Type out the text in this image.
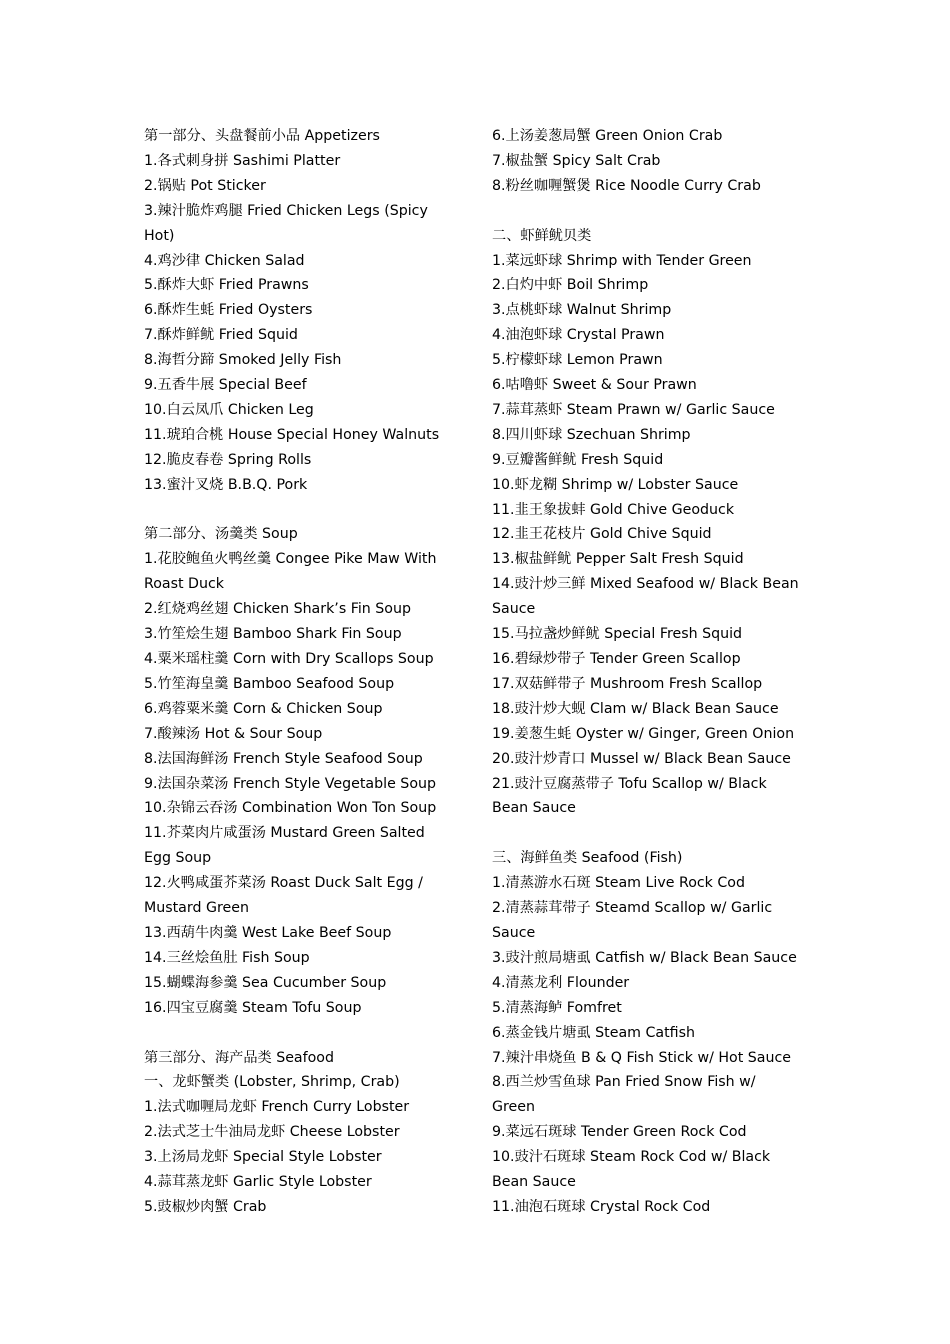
第一部分、头盘餐前小品 Appetizers

1.各式刺身拼 Sashimi Platter

2.锅贴 Pot Sticker

3.辣汁脆炸鸡腿 Fried Chicken Legs (Spicy

Hot)

4.鸡沙律 Chicken Salad

5.酥炸大虾 Fried Prawns

6.酥炸生蚝 Fried Oysters

7.酥炸鲜鱿 Fried Squid

8.海哲分蹄 Smoked Jelly Fish

9.五香牛展 Special Beef

10.白云凤爪 Chicken Leg

11.琥珀合桃 House Special Honey Walnuts

12.脆皮春卷 Spring Rolls

13.蜜汁叉烧 B.B.Q. Pork

第二部分、汤羹类 Soup

1.花胶鲍鱼火鸭丝羹 Congee Pike Maw With

Roast Duck

2.红烧鸡丝翅 Chicken Shark’s Fin Soup

3.竹笙烩生翅 Bamboo Shark Fin Soup

4.粟米瑶柱羹 Corn with Dry Scallops Soup

5.竹笙海皇羹 Bamboo Seafood Soup

6.鸡蓉粟米羹 Corn & Chicken Soup

7.酸辣汤 Hot & Sour Soup

8.法国海鲜汤 French Style Seafood Soup

9.法国杂菜汤 French Style Vegetable Soup

10.杂锦云吞汤 Combination Won Ton Soup

11.芥菜肉片咸蛋汤 Mustard Green Salted

Egg Soup

12.火鸭咸蛋芥菜汤 Roast Duck Salt Egg /

Mustard Green

13.西葫牛肉羹 West Lake Beef Soup

14.三丝烩鱼肚 Fish Soup

15.蝴蝶海参羹 Sea Cucumber Soup

16.四宝豆腐羹 Steam Tofu Soup

第三部分、海产品类 Seafood

一、龙虾蟹类 (Lobster, Shrimp, Crab)

1.法式咖喱局龙虾 French Curry Lobster

2.法式芝士牛油局龙虾 Cheese Lobster

3.上汤局龙虾 Special Style Lobster

4.蒜茸蒸龙虾 Garlic Style Lobster

5.豉椒炒肉蟹 Crab

6.上汤姜葱局蟹 Green Onion Crab

7.椒盐蟹 Spicy Salt Crab

8.粉丝咖喱蟹煲 Rice Noodle Curry Crab

二、虾鲜鱿贝类

1.菜远虾球 Shrimp with Tender Green

2.白灼中虾 Boil Shrimp

3.点桃虾球 Walnut Shrimp

4.油泡虾球 Crystal Prawn

5.柠檬虾球 Lemon Prawn

6.咕噜虾 Sweet & Sour Prawn

7.蒜茸蒸虾 Steam Prawn w/ Garlic Sauce

8.四川虾球 Szechuan Shrimp

9.豆瓣酱鲜鱿 Fresh Squid

10.虾龙糊 Shrimp w/ Lobster Sauce

11.韭王象拔蚌 Gold Chive Geoduck

12.韭王花枝片 Gold Chive Squid

13.椒盐鲜鱿 Pepper Salt Fresh Squid

14.豉汁炒三鲜 Mixed Seafood w/ Black Bean

Sauce

15.马拉盏炒鲜鱿 Special Fresh Squid

16.碧绿炒带子 Tender Green Scallop

17.双菇鲜带子 Mushroom Fresh Scallop

18.豉汁炒大蚬 Clam w/ Black Bean Sauce

19.姜葱生蚝 Oyster w/ Ginger, Green Onion

20.豉汁炒青口 Mussel w/ Black Bean Sauce

21.豉汁豆腐蒸带子 Tofu Scallop w/ Black

Bean Sauce

三、海鲜鱼类 Seafood (Fish)

1.清蒸游水石斑 Steam Live Rock Cod

2.清蒸蒜茸带子 Steamd Scallop w/ Garlic

Sauce

3.豉汁煎局塘虱 Catfish w/ Black Bean Sauce

4.清蒸龙利 Flounder

5.清蒸海鲈 Fomfret

6.蒸金钱片塘虱 Steam Catfish

7.辣汁串烧鱼 B & Q Fish Stick w/ Hot Sauce

8.西兰炒雪鱼球 Pan Fried Snow Fish w/

Green

9.菜远石斑球 Tender Green Rock Cod

10.豉汁石斑球 Steam Rock Cod w/ Black

Bean Sauce

11.油泡石斑球 Crystal Rock Cod
